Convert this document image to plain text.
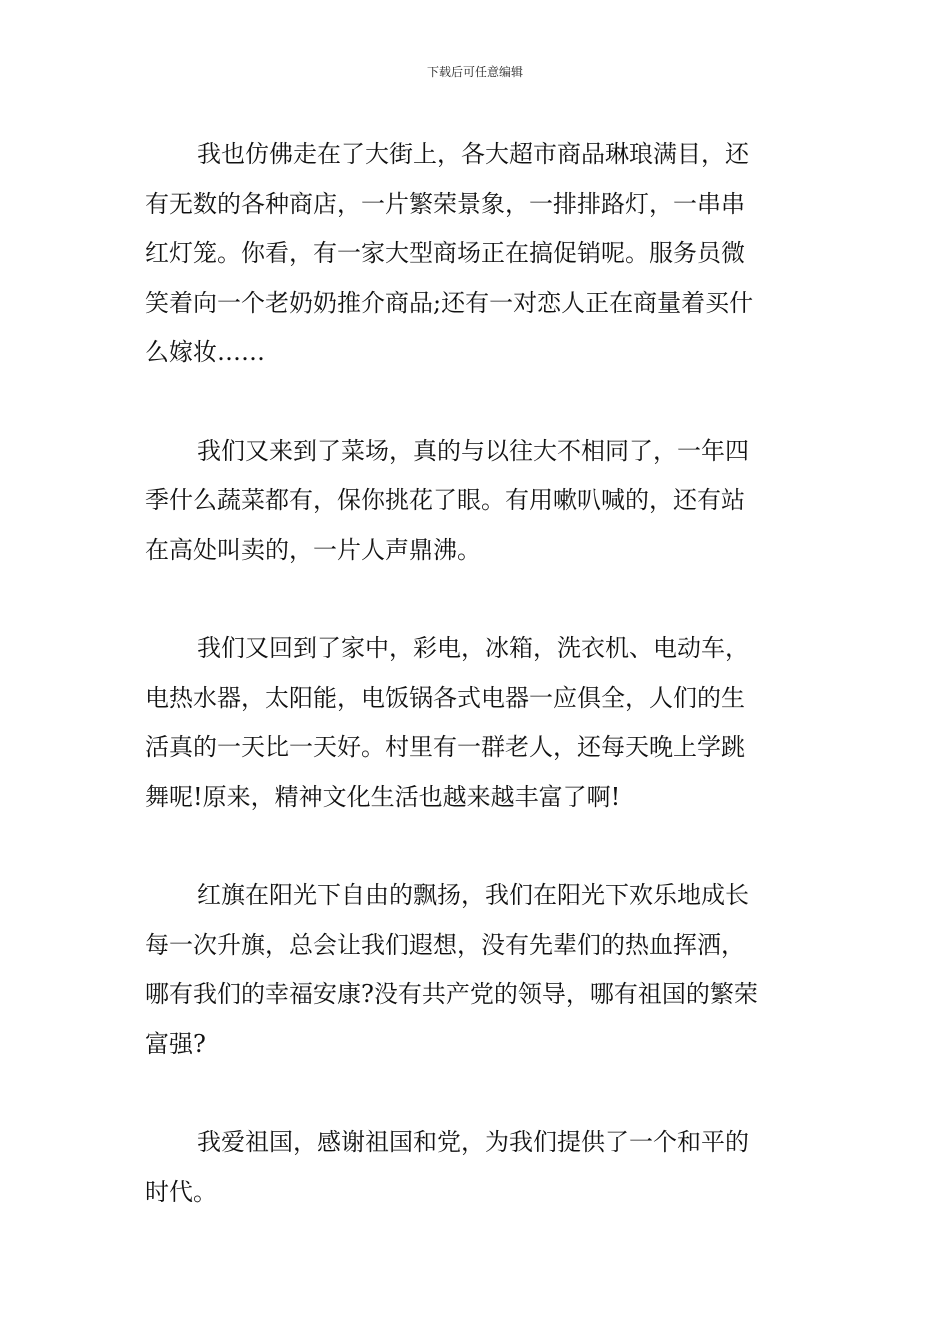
下载后可任意编辑
我也仿佛走在了大街上，各大超市商品琳琅满目，还
有无数的各种商店，一片繁荣景象，一排排路灯，一串串
红灯笼。你看，有一家大型商场正在搞促销呢。服务员微
笑着向一个老奶奶推介商品;还有一对恋人正在商量着买什
么嫁妆……
我们又来到了菜场，真的与以往大不相同了，一年四
季什么蔬菜都有，保你挑花了眼。有用嗽叭喊的，还有站
在高处叫卖的，一片人声鼎沸。
我们又回到了家中，彩电，冰箱，洗衣机、电动车，
电热水器，太阳能，电饭锅各式电器一应俱全，人们的生
活真的一天比一天好。村里有一群老人，还每天晚上学跳
舞呢!原来，精神文化生活也越来越丰富了啊!
红旗在阳光下自由的飘扬，我们在阳光下欢乐地成长
每一次升旗，总会让我们遐想，没有先辈们的热血挥洒，
哪有我们的幸福安康?没有共产党的领导，哪有祖国的繁荣
富强?
我爱祖国，感谢祖国和党，为我们提供了一个和平的
时代。
